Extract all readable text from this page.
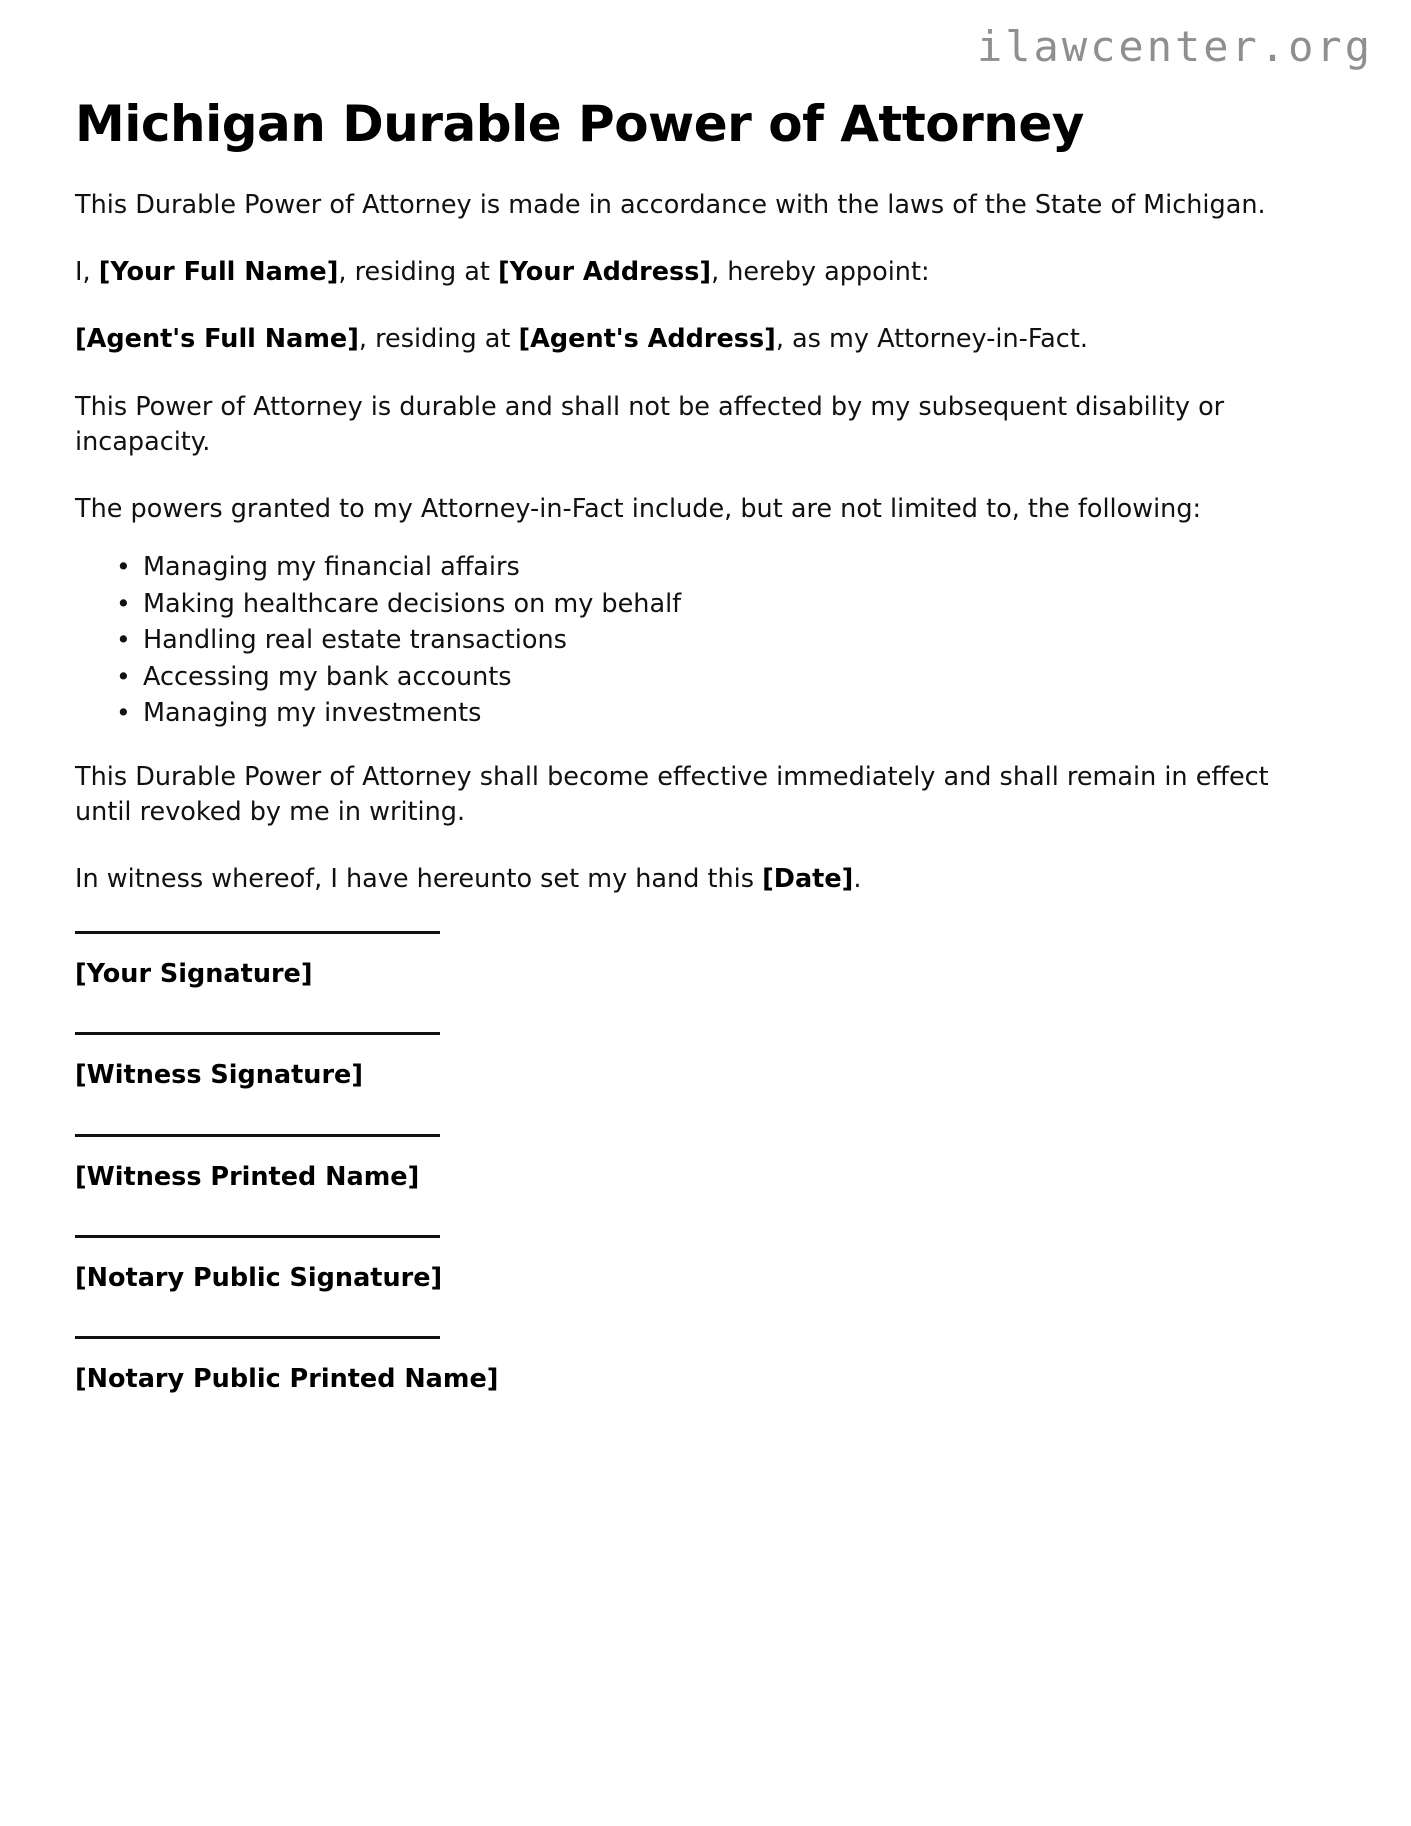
ilawcenter.org
Michigan Durable Power of Attorney

This Durable Power of Attorney is made in accordance with the laws of the State of Michigan.

I, [Your Full Name], residing at [Your Address], hereby appoint:

[Agent's Full Name], residing at [Agent's Address], as my Attorney-in-Fact.

This Power of Attorney is durable and shall not be affected by my subsequent disability or incapacity.

The powers granted to my Attorney-in-Fact include, but are not limited to, the following:

• Managing my financial affairs
• Making healthcare decisions on my behalf
• Handling real estate transactions
• Accessing my bank accounts
• Managing my investments

This Durable Power of Attorney shall become effective immediately and shall remain in effect until revoked by me in writing.

In witness whereof, I have hereunto set my hand this [Date].

[Your Signature]
[Witness Signature]
[Witness Printed Name]
[Notary Public Signature]
[Notary Public Printed Name]
